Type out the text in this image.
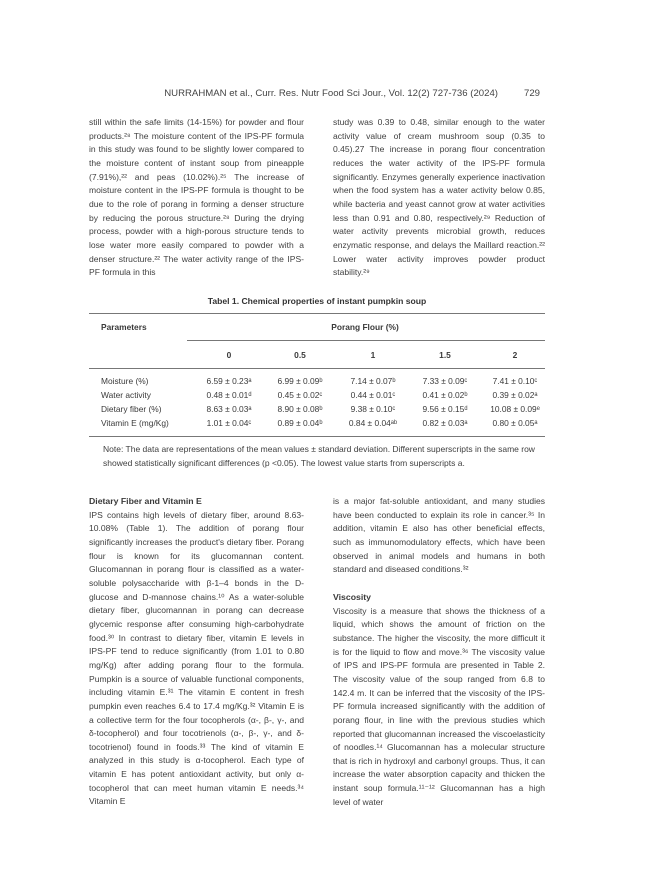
NURRAHMAN et al., Curr. Res. Nutr Food Sci Jour., Vol. 12(2) 727-736 (2024)	729

still within the safe limits (14-15%) for powder and flour products.²⁸ The moisture content of the IPS-PF formula in this study was found to be slightly lower compared to the moisture content of instant soup from pineapple (7.91%),²² and peas (10.02%).²⁵ The increase of moisture content in the IPS-PF formula is thought to be due to the role of porang in forming a denser structure by reducing the porous structure.²⁸ During the drying process, powder with a high-porous structure tends to lose water more easily compared to powder with a denser structure.²² The water activity range of the IPS-PF formula in this

study was 0.39 to 0.48, similar enough to the water activity value of cream mushroom soup (0.35 to 0.45).27 The increase in porang flour concentration reduces the water activity of the IPS-PF formula significantly. Enzymes generally experience inactivation when the food system has a water activity below 0.85, while bacteria and yeast cannot grow at water activities less than 0.91 and 0.80, respectively.²⁹ Reduction of water activity prevents microbial growth, reduces enzymatic response, and delays the Maillard reaction.²² Lower water activity improves powder product stability.²⁹

Tabel 1. Chemical properties of instant pumpkin soup
Parameters	Porang Flour (%)
0	0.5	1	1.5	2
Moisture (%)	6.59 ± 0.23ᵃ	6.99 ± 0.09ᵇ	7.14 ± 0.07ᵇ	7.33 ± 0.09ᶜ	7.41 ± 0.10ᶜ
Water activity	0.48 ± 0.01ᵈ	0.45 ± 0.02ᶜ	0.44 ± 0.01ᶜ	0.41 ± 0.02ᵇ	0.39 ± 0.02ᵃ
Dietary fiber (%)	8.63 ± 0.03ᵃ	8.90 ± 0.08ᵇ	9.38 ± 0.10ᶜ	9.56 ± 0.15ᵈ	10.08 ± 0.09ᵉ
Vitamin E (mg/Kg)	1.01 ± 0.04ᶜ	0.89 ± 0.04ᵇ	0.84 ± 0.04ᵃᵇ	0.82 ± 0.03ᵃ	0.80 ± 0.05ᵃ
Note: The data are representations of the mean values ± standard deviation. Different superscripts in the same row showed statistically significant differences (p <0.05). The lowest value starts from superscripts a.

Dietary Fiber and Vitamin E

IPS contains high levels of dietary fiber, around 8.63-10.08% (Table 1). The addition of porang flour significantly increases the product's dietary fiber. Porang flour is known for its glucomannan content. Glucomannan in porang flour is classified as a water-soluble polysaccharide with β-1–4 bonds in the D-glucose and D-mannose chains.¹⁰ As a water-soluble dietary fiber, glucomannan in porang can decrease glycemic response after consuming high-carbohydrate food.³⁰ In contrast to dietary fiber, vitamin E levels in IPS-PF tend to reduce significantly (from 1.01 to 0.80 mg/Kg) after adding porang flour to the formula. Pumpkin is a source of valuable functional components, including vitamin E.³¹ The vitamin E content in fresh pumpkin even reaches 6.4 to 17.4 mg/Kg.³² Vitamin E is a collective term for the four tocopherols (α-, β-, γ-, and δ-tocopherol) and four tocotrienols (α-, β-, γ-, and δ-tocotrienol) found in foods.³³ The kind of vitamin E analyzed in this study is α-tocopherol. Each type of vitamin E has potent antioxidant activity, but only α-tocopherol that can meet human vitamin E needs.³⁴ Vitamin E

is a major fat-soluble antioxidant, and many studies have been conducted to explain its role in cancer.³⁵ In addition, vitamin E also has other beneficial effects, such as immunomodulatory effects, which have been observed in animal models and humans in both standard and diseased conditions.³²

Viscosity

Viscosity is a measure that shows the thickness of a liquid, which shows the amount of friction on the substance. The higher the viscosity, the more difficult it is for the liquid to flow and move.³⁶ The viscosity value of IPS and IPS-PF formula are presented in Table 2. The viscosity value of the soup ranged from 6.8 to 142.4 m. It can be inferred that the viscosity of the IPS-PF formula increased significantly with the addition of porang flour, in line with the previous studies which reported that glucomannan increased the viscoelasticity of noodles.¹⁴ Glucomannan has a molecular structure that is rich in hydroxyl and carbonyl groups. Thus, it can increase the water absorption capacity and thicken the instant soup formula.¹¹⁻¹² Glucomannan has a high level of water
